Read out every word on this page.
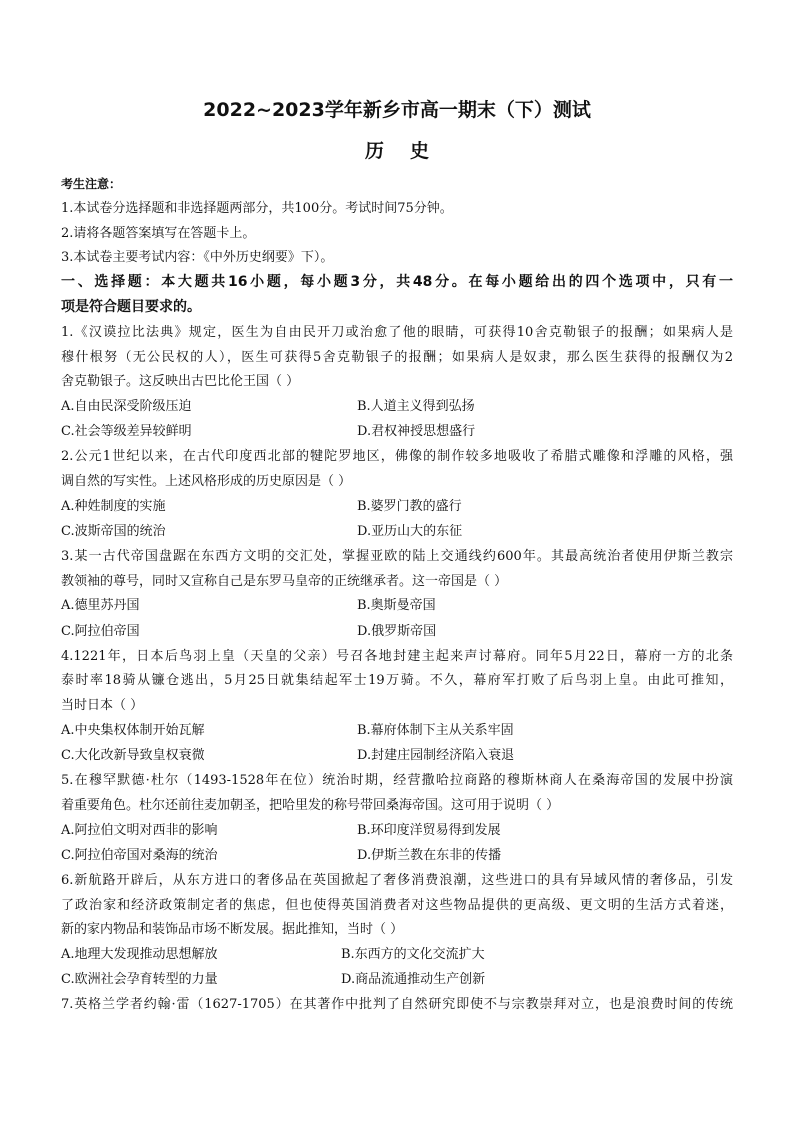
2022~2023学年新乡市高一期末（下）测试
历史
考生注意：
1.本试卷分选择题和非选择题两部分，共100分。考试时间75分钟。
2.请将各题答案填写在答题卡上。
3.本试卷主要考试内容：《中外历史纲要》下）。
一、选择题：本大题共16小题，每小题3分，共48分。在每小题给出的四个选项中，只有一
项是符合题目要求的。
1.《汉谟拉比法典》规定，医生为自由民开刀或治愈了他的眼睛，可获得10舍克勒银子的报酬；如果病人是
穆什根努（无公民权的人），医生可获得5舍克勒银子的报酬；如果病人是奴隶，那么医生获得的报酬仅为2
舍克勒银子。这反映出古巴比伦王国（ ）
A.自由民深受阶级压迫	B.人道主义得到弘扬
C.社会等级差异较鲜明	D.君权神授思想盛行
2.公元1世纪以来，在古代印度西北部的犍陀罗地区，佛像的制作较多地吸收了希腊式雕像和浮雕的风格，强
调自然的写实性。上述风格形成的历史原因是（ ）
A.种姓制度的实施	B.婆罗门教的盛行
C.波斯帝国的统治	D.亚历山大的东征
3.某一古代帝国盘踞在东西方文明的交汇处，掌握亚欧的陆上交通线约600年。其最高统治者使用伊斯兰教宗
教领袖的尊号，同时又宣称自己是东罗马皇帝的正统继承者。这一帝国是（ ）
A.德里苏丹国	B.奥斯曼帝国
C.阿拉伯帝国	D.俄罗斯帝国
4.1221年，日本后鸟羽上皇（天皇的父亲）号召各地封建主起来声讨幕府。同年5月22日，幕府一方的北条
泰时率18骑从镰仓逃出，5月25日就集结起军士19万骑。不久，幕府军打败了后鸟羽上皇。由此可推知，
当时日本（ ）
A.中央集权体制开始瓦解	B.幕府体制下主从关系牢固
C.大化改新导致皇权衰微	D.封建庄园制经济陷入衰退
5.在穆罕默德·杜尔（1493-1528年在位）统治时期，经营撒哈拉商路的穆斯林商人在桑海帝国的发展中扮演
着重要角色。杜尔还前往麦加朝圣，把哈里发的称号带回桑海帝国。这可用于说明（ ）
A.阿拉伯文明对西非的影响	B.环印度洋贸易得到发展
C.阿拉伯帝国对桑海的统治	D.伊斯兰教在东非的传播
6.新航路开辟后，从东方进口的奢侈品在英国掀起了奢侈消费浪潮，这些进口的具有异域风情的奢侈品，引发
了政治家和经济政策制定者的焦虑，但也使得英国消费者对这些物品提供的更高级、更文明的生活方式着迷，
新的家内物品和装饰品市场不断发展。据此推知，当时（ ）
A.地理大发现推动思想解放	B.东西方的文化交流扩大
C.欧洲社会孕育转型的力量	D.商品流通推动生产创新
7.英格兰学者约翰·雷（1627-1705）在其著作中批判了自然研究即使不与宗教崇拜对立，也是浪费时间的传统
